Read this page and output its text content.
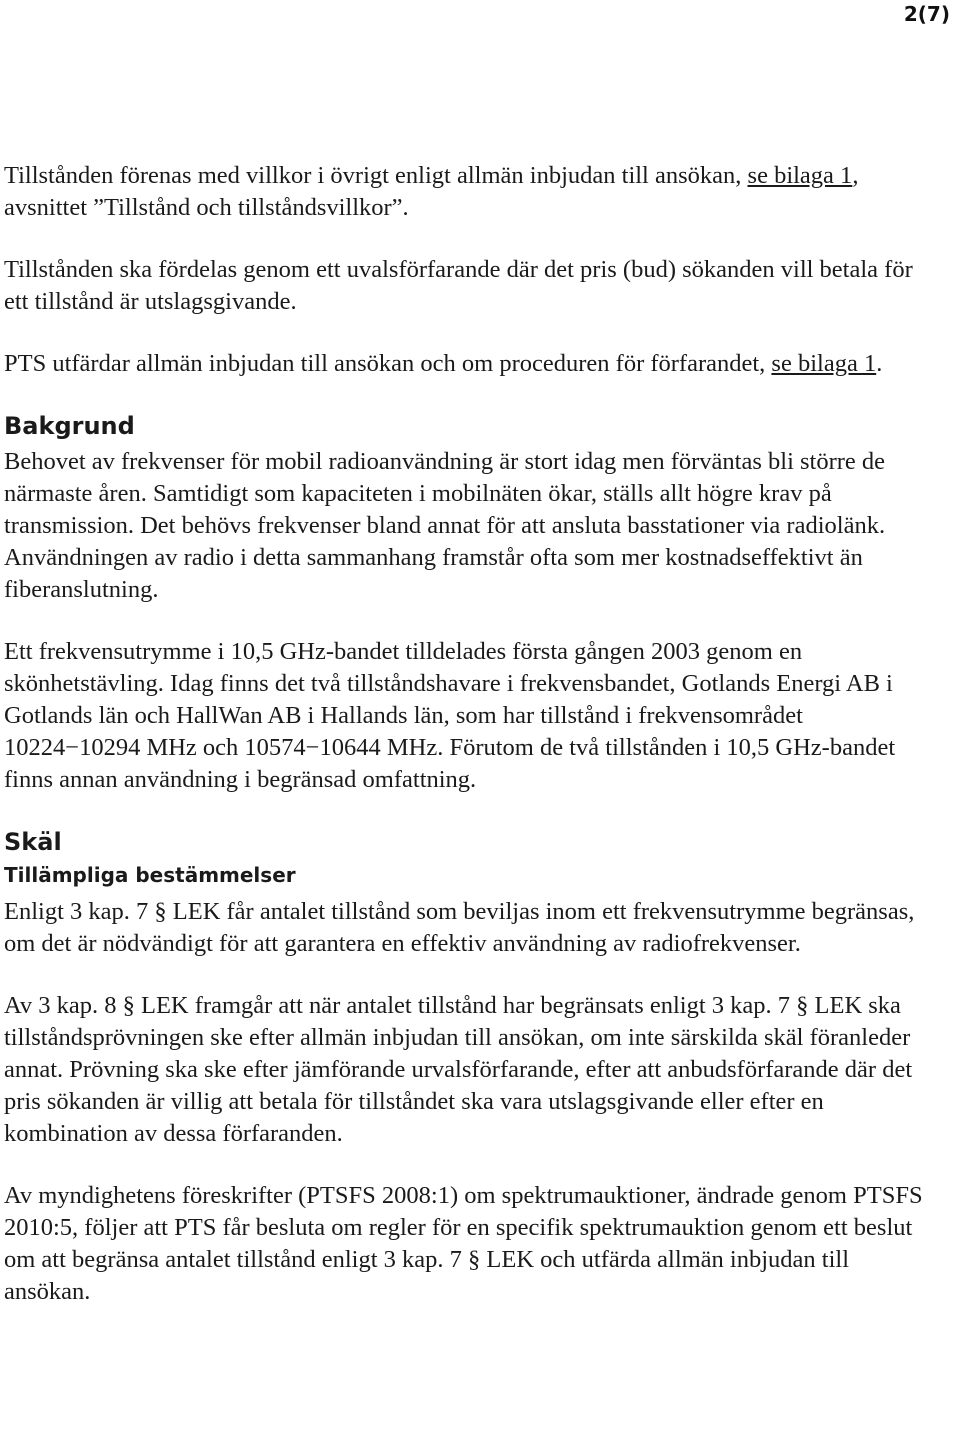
2(7)

Tillstånden förenas med villkor i övrigt enligt allmän inbjudan till ansökan, se bilaga 1, avsnittet ”Tillstånd och tillståndsvillkor”.

Tillstånden ska fördelas genom ett uvalsförfarande där det pris (bud) sökanden vill betala för ett tillstånd är utslagsgivande.

PTS utfärdar allmän inbjudan till ansökan och om proceduren för förfarandet, se bilaga 1.

Bakgrund

Behovet av frekvenser för mobil radioanvändning är stort idag men förväntas bli större de närmaste åren. Samtidigt som kapaciteten i mobilnäten ökar, ställs allt högre krav på transmission. Det behövs frekvenser bland annat för att ansluta basstationer via radiolänk. Användningen av radio i detta sammanhang framstår ofta som mer kostnadseffektivt än fiberanslutning.

Ett frekvensutrymme i 10,5 GHz-bandet tilldelades första gången 2003 genom en skönhetstävling. Idag finns det två tillståndshavare i frekvensbandet, Gotlands Energi AB i Gotlands län och HallWan AB i Hallands län, som har tillstånd i frekvensområdet 10224−10294 MHz och 10574−10644 MHz. Förutom de två tillstånden i 10,5 GHz-bandet finns annan användning i begränsad omfattning.

Skäl
Tillämpliga bestämmelser

Enligt 3 kap. 7 § LEK får antalet tillstånd som beviljas inom ett frekvensutrymme begränsas, om det är nödvändigt för att garantera en effektiv användning av radiofrekvenser.

Av 3 kap. 8 § LEK framgår att när antalet tillstånd har begränsats enligt 3 kap. 7 § LEK ska tillståndsprövningen ske efter allmän inbjudan till ansökan, om inte särskilda skäl föranleder annat. Prövning ska ske efter jämförande urvalsförfarande, efter att anbudsförfarande där det pris sökanden är villig att betala för tillståndet ska vara utslagsgivande eller efter en kombination av dessa förfaranden.

Av myndighetens föreskrifter (PTSFS 2008:1) om spektrumauktioner, ändrade genom PTSFS 2010:5, följer att PTS får besluta om regler för en specifik spektrumauktion genom ett beslut om att begränsa antalet tillstånd enligt 3 kap. 7 § LEK och utfärda allmän inbjudan till ansökan.
